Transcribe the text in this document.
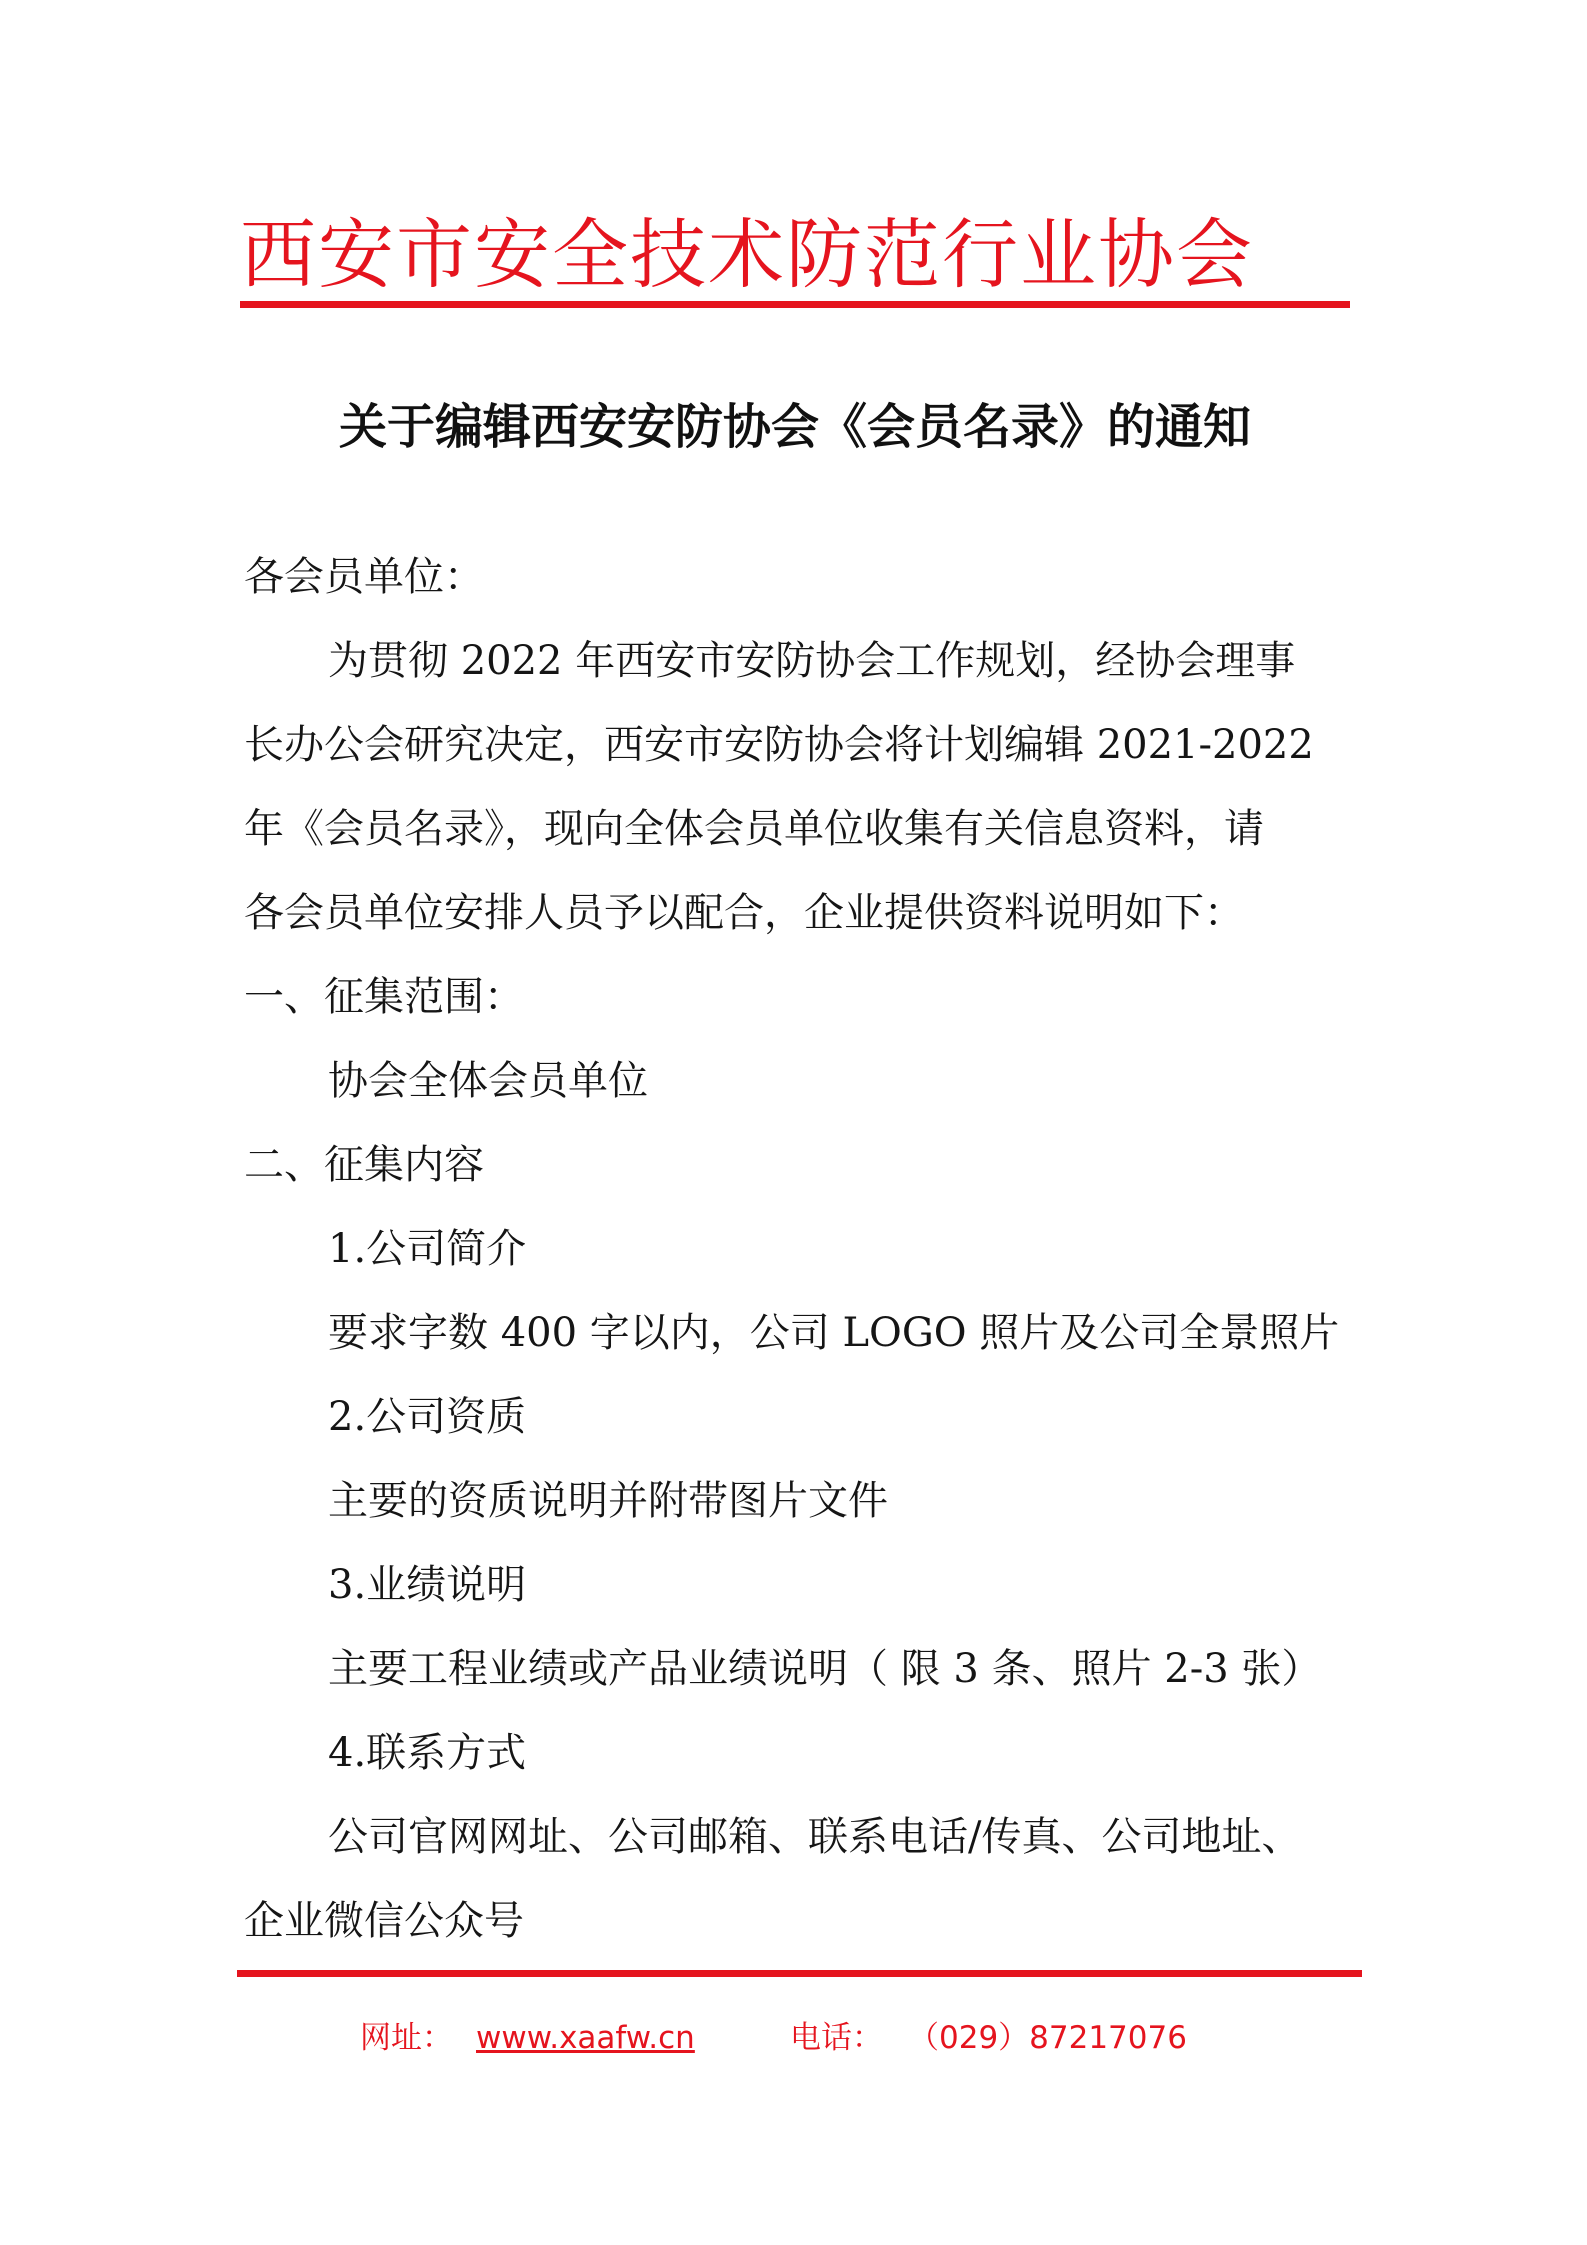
西安市安全技术防范行业协会
关于编辑西安安防协会《会员名录》的通知
各会员单位：
为贯彻 2022 年西安市安防协会工作规划，经协会理事
长办公会研究决定，西安市安防协会将计划编辑 2021-2022
年《会员名录》，现向全体会员单位收集有关信息资料，请
各会员单位安排人员予以配合，企业提供资料说明如下：
一、征集范围：
协会全体会员单位
二、征集内容
1.公司简介
要求字数 400 字以内，公司 LOGO 照片及公司全景照片
2.公司资质
主要的资质说明并附带图片文件
3.业绩说明
主要工程业绩或产品业绩说明（ 限 3 条、照片 2-3 张）
4.联系方式
公司官网网址、公司邮箱、联系电话/传真、公司地址、
企业微信公众号
网址： www.xaafw.cn	电话： （029）87217076
